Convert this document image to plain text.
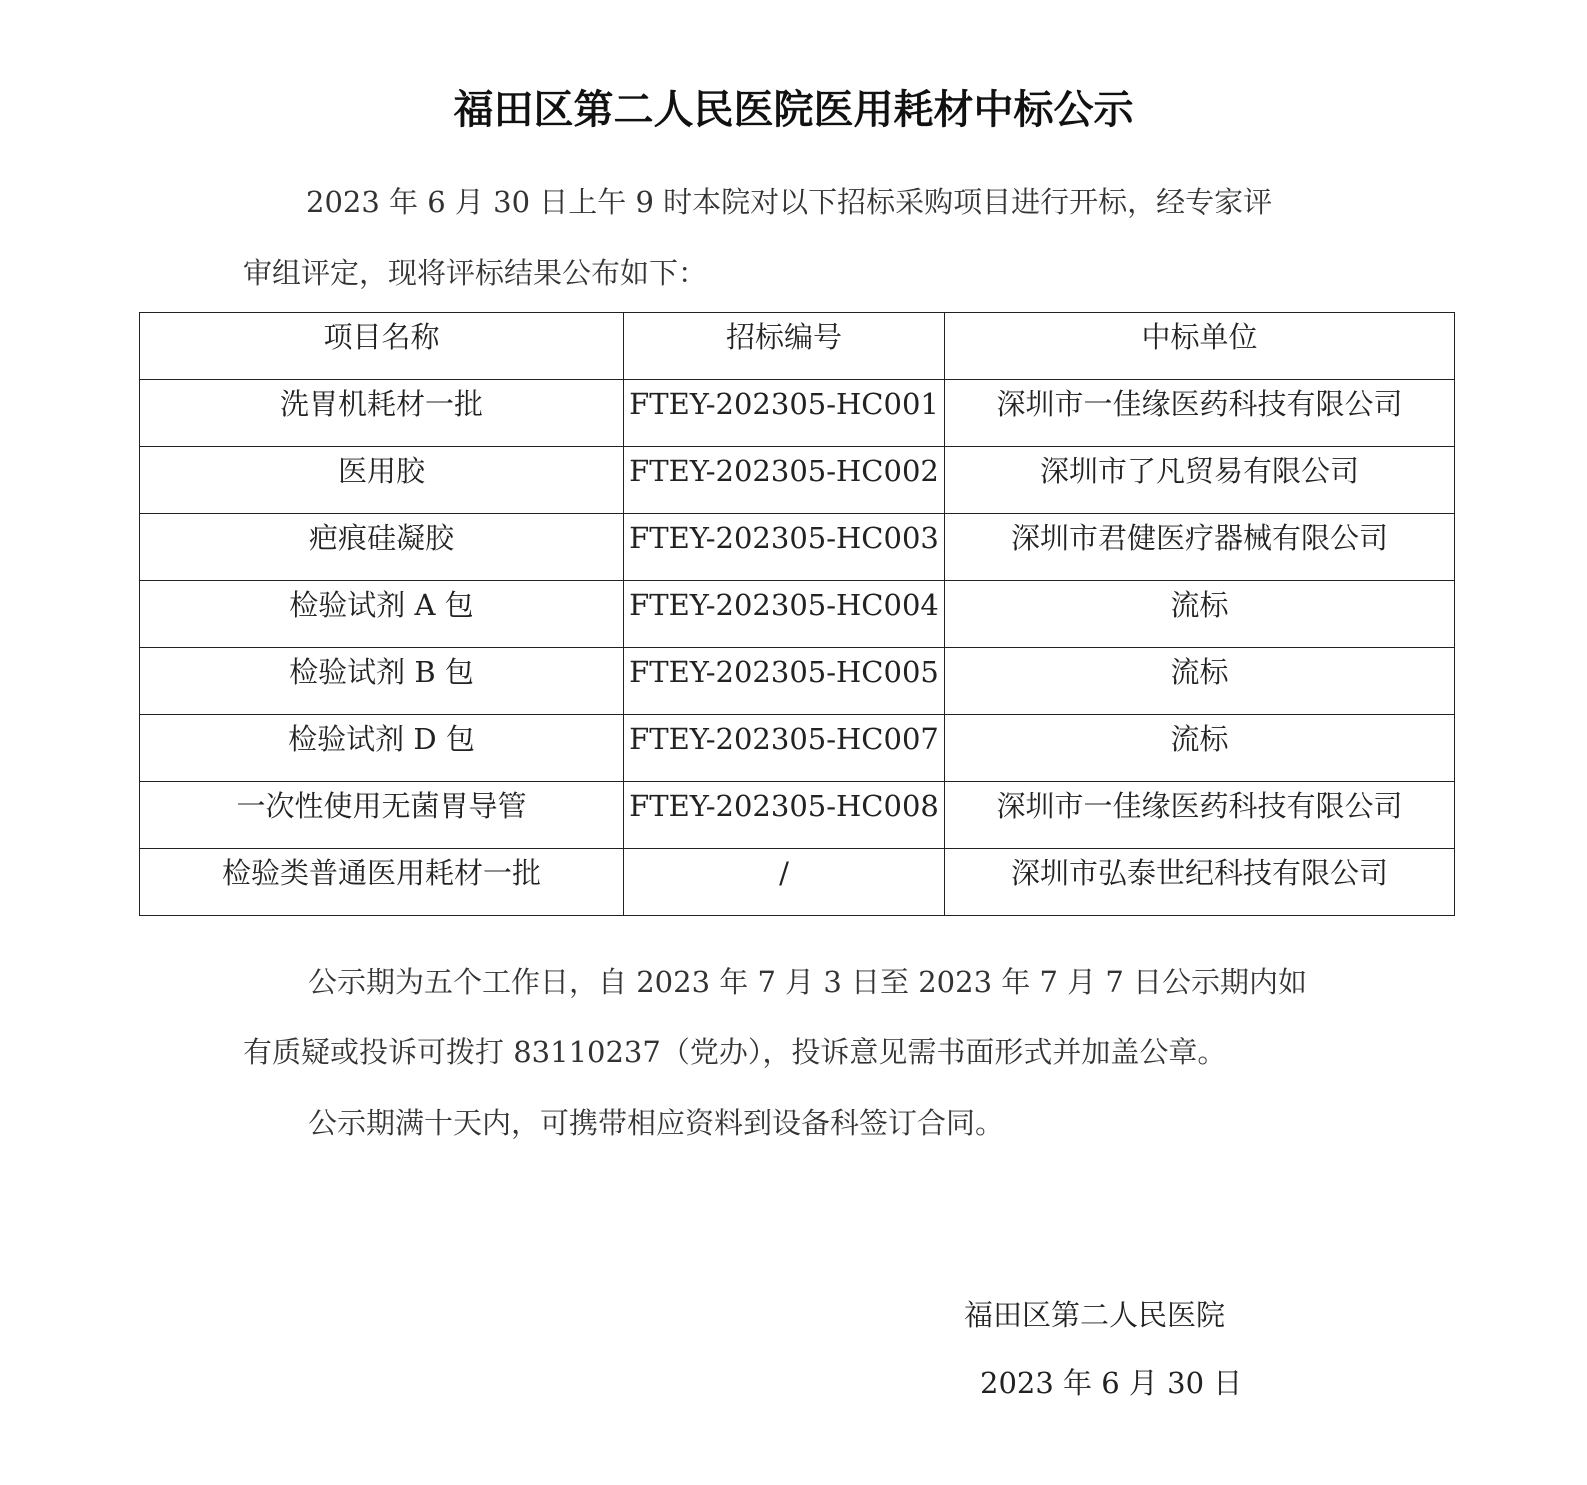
福田区第二人民医院医用耗材中标公示
2023 年 6 月 30 日上午 9 时本院对以下招标采购项目进行开标，经专家评
审组评定，现将评标结果公布如下：
项目名称	招标编号	中标单位

洗胃机耗材一批	FTEY-202305-HC001	深圳市一佳缘医药科技有限公司

医用胶	FTEY-202305-HC002	深圳市了凡贸易有限公司

疤痕硅凝胶	FTEY-202305-HC003	深圳市君健医疗器械有限公司

检验试剂 A 包	FTEY-202305-HC004	流标

检验试剂 B 包	FTEY-202305-HC005	流标

检验试剂 D 包	FTEY-202305-HC007	流标

一次性使用无菌胃导管	FTEY-202305-HC008	深圳市一佳缘医药科技有限公司

检验类普通医用耗材一批	/	深圳市弘泰世纪科技有限公司
公示期为五个工作日，自 2023 年 7 月 3 日至 2023 年 7 月 7 日公示期内如
有质疑或投诉可拨打 83110237（党办），投诉意见需书面形式并加盖公章。
公示期满十天内，可携带相应资料到设备科签订合同。
福田区第二人民医院
2023 年 6 月 30 日
